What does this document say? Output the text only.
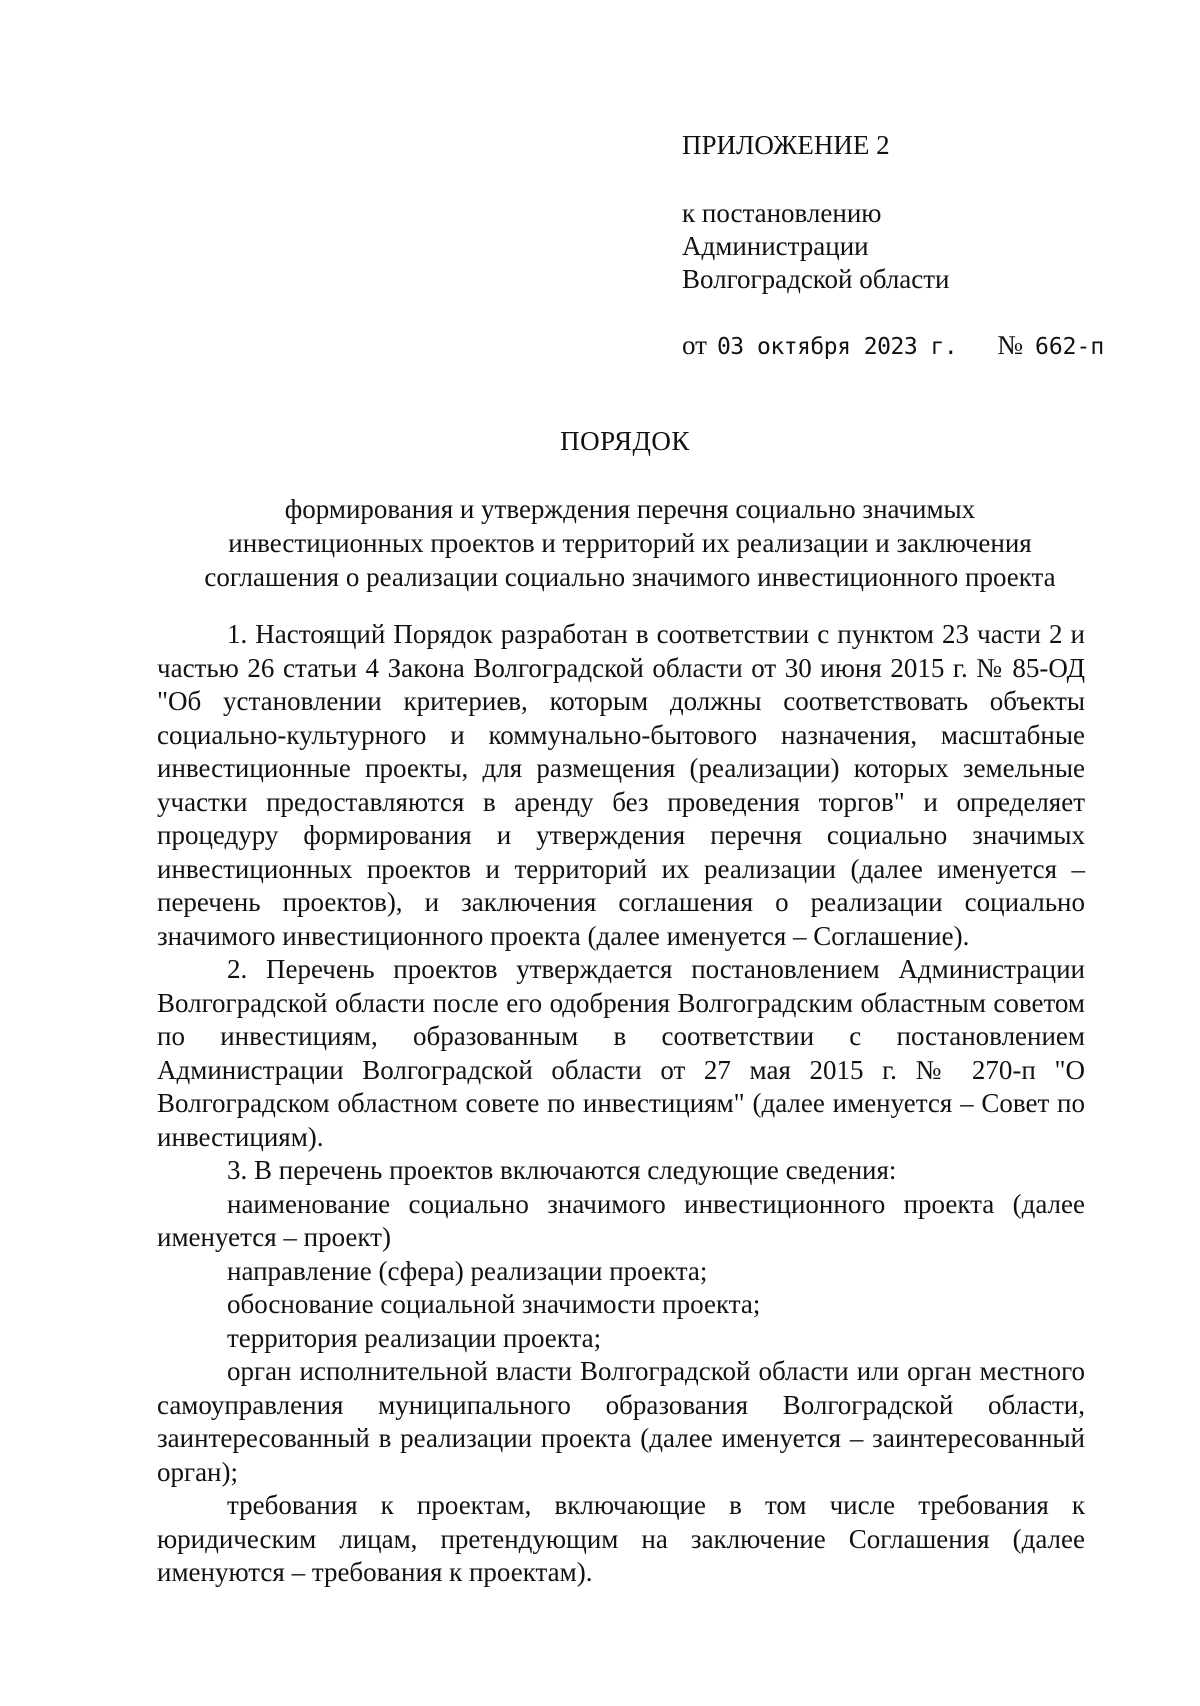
ПРИЛОЖЕНИЕ 2
к постановлению
Администрации
Волгоградской области
от 03 октября 2023 г. № 662-п
ПОРЯДОК
формирования и утверждения перечня социально значимых
инвестиционных проектов и территорий их реализации и заключения
соглашения о реализации социально значимого инвестиционного проекта

1. Настоящий Порядок разработан в соответствии с пунктом 23 части 2 и частью 26 статьи 4 Закона Волгоградской области от 30 июня 2015 г. № 85-ОД "Об установлении критериев, которым должны соответствовать объекты социально-культурного и коммунально-бытового назначения, масштабные инвестиционные проекты, для размещения (реализации) которых земельные участки предоставляются в аренду без проведения торгов" и определяет процедуру формирования и утверждения перечня социально значимых инвестиционных проектов и территорий их реализации (далее именуется – перечень проектов), и заключения соглашения о реализации социально значимого инвестиционного проекта (далее именуется – Соглашение).

2. Перечень проектов утверждается постановлением Администрации Волгоградской области после его одобрения Волгоградским областным советом по инвестициям, образованным в соответствии с постановлением Администрации Волгоградской области от 27 мая 2015 г. № 270-п "О Волгоградском областном совете по инвестициям" (далее именуется – Совет по инвестициям).

3. В перечень проектов включаются следующие сведения:

наименование социально значимого инвестиционного проекта (далее именуется – проект)

направление (сфера) реализации проекта;

обоснование социальной значимости проекта;

территория реализации проекта;

орган исполнительной власти Волгоградской области или орган местного самоуправления муниципального образования Волгоградской области, заинтересованный в реализации проекта (далее именуется – заинтересованный орган);

требования к проектам, включающие в том числе требования к юридическим лицам, претендующим на заключение Соглашения (далее именуются – требования к проектам).
